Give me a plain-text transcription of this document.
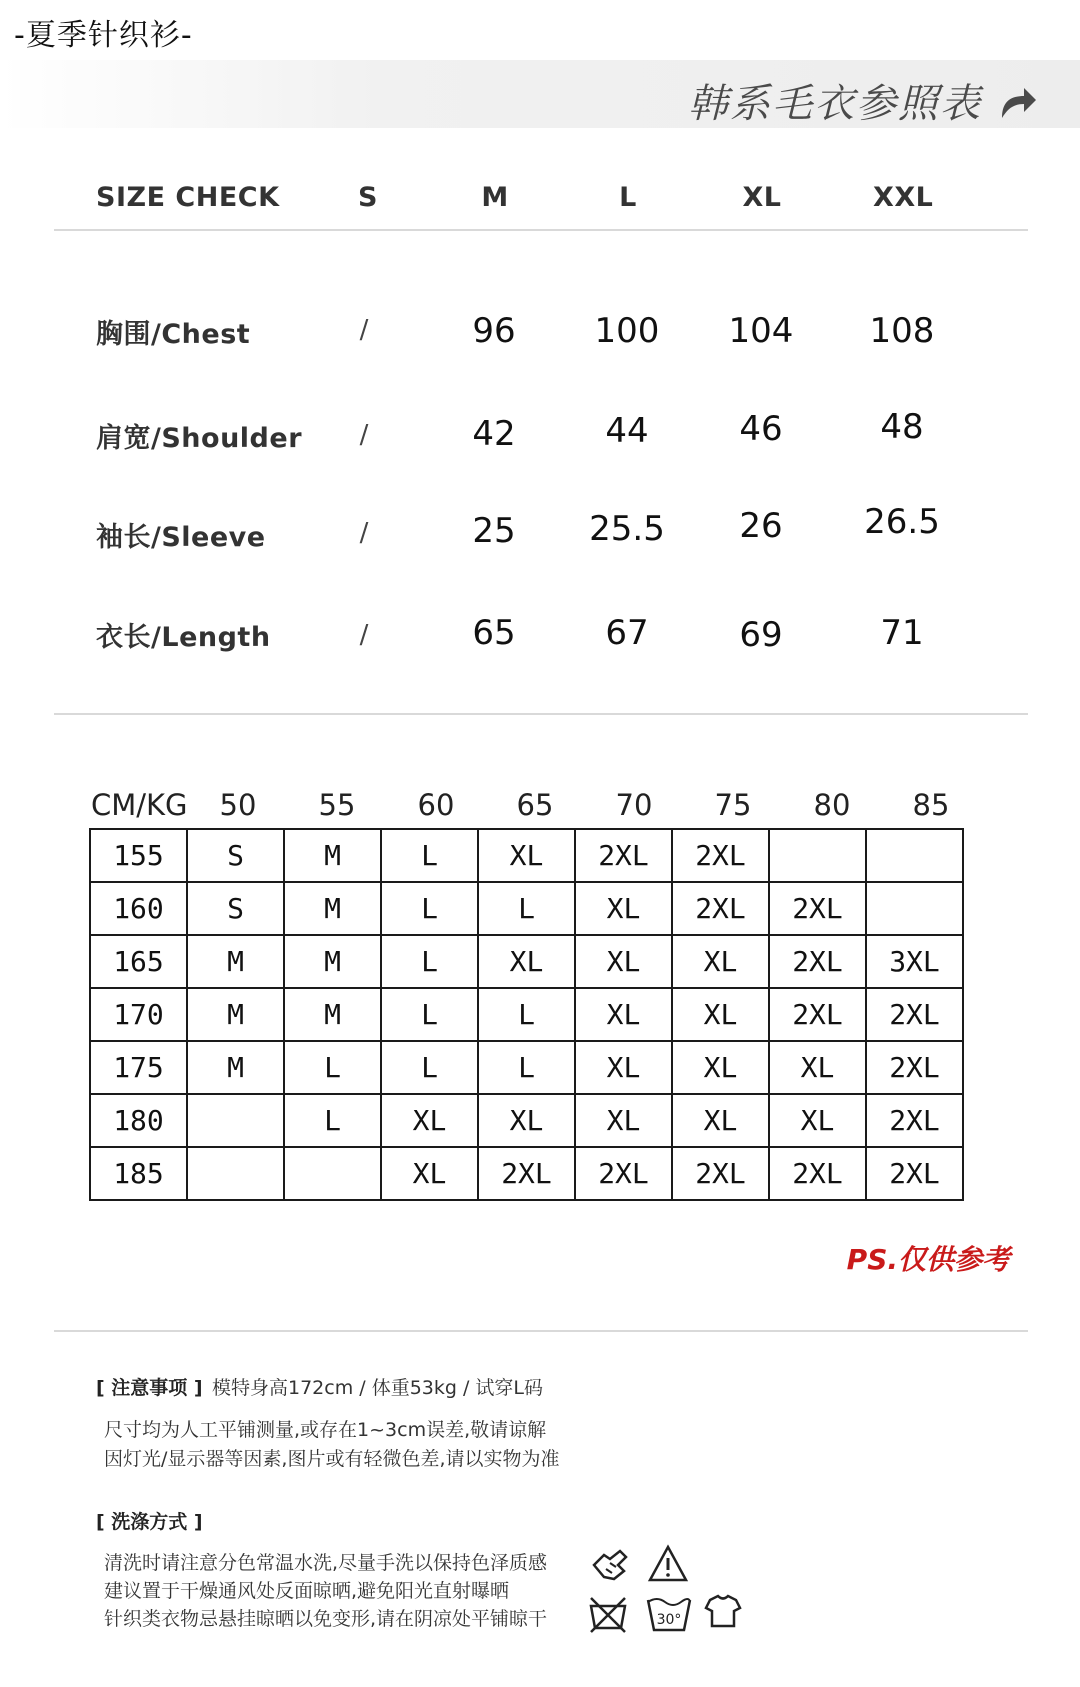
-夏季针织衫-
韩系毛衣参照表
SIZE CHECK	S	M	L	XL	XXL
胸围/Chest	/	96	100	104	108
肩宽/Shoulder /	42	44	46	48
袖长/Sleeve	/	25	25.5	26	26.5
衣长/Length	/	65	67	69	71
CM/KG	50	55	60	65	70	75	80	85
155	S	M	L	XL	2XL	2XL		
160	S	M	L	L	XL	2XL	2XL	
165	M	M	L	XL	XL	XL	2XL	3XL
170	M	M	L	L	XL	XL	2XL	2XL
175	M	L	L	L	XL	XL	XL	2XL
180		L	XL	XL	XL	XL	XL	2XL
185			XL	2XL	2XL	2XL	2XL	2XL
PS.仅供参考
[ 注意事项 ] 模特身高172cm / 体重53kg / 试穿L码
尺寸均为人工平铺测量,或存在1~3cm误差,敬请谅解
因灯光/显示器等因素,图片或有轻微色差,请以实物为准
[ 洗涤方式 ]
清洗时请注意分色常温水洗,尽量手洗以保持色泽质感
建议置于干燥通风处反面晾晒,避免阳光直射曝晒
针织类衣物忌悬挂晾晒以免变形,请在阴凉处平铺晾干	30°
